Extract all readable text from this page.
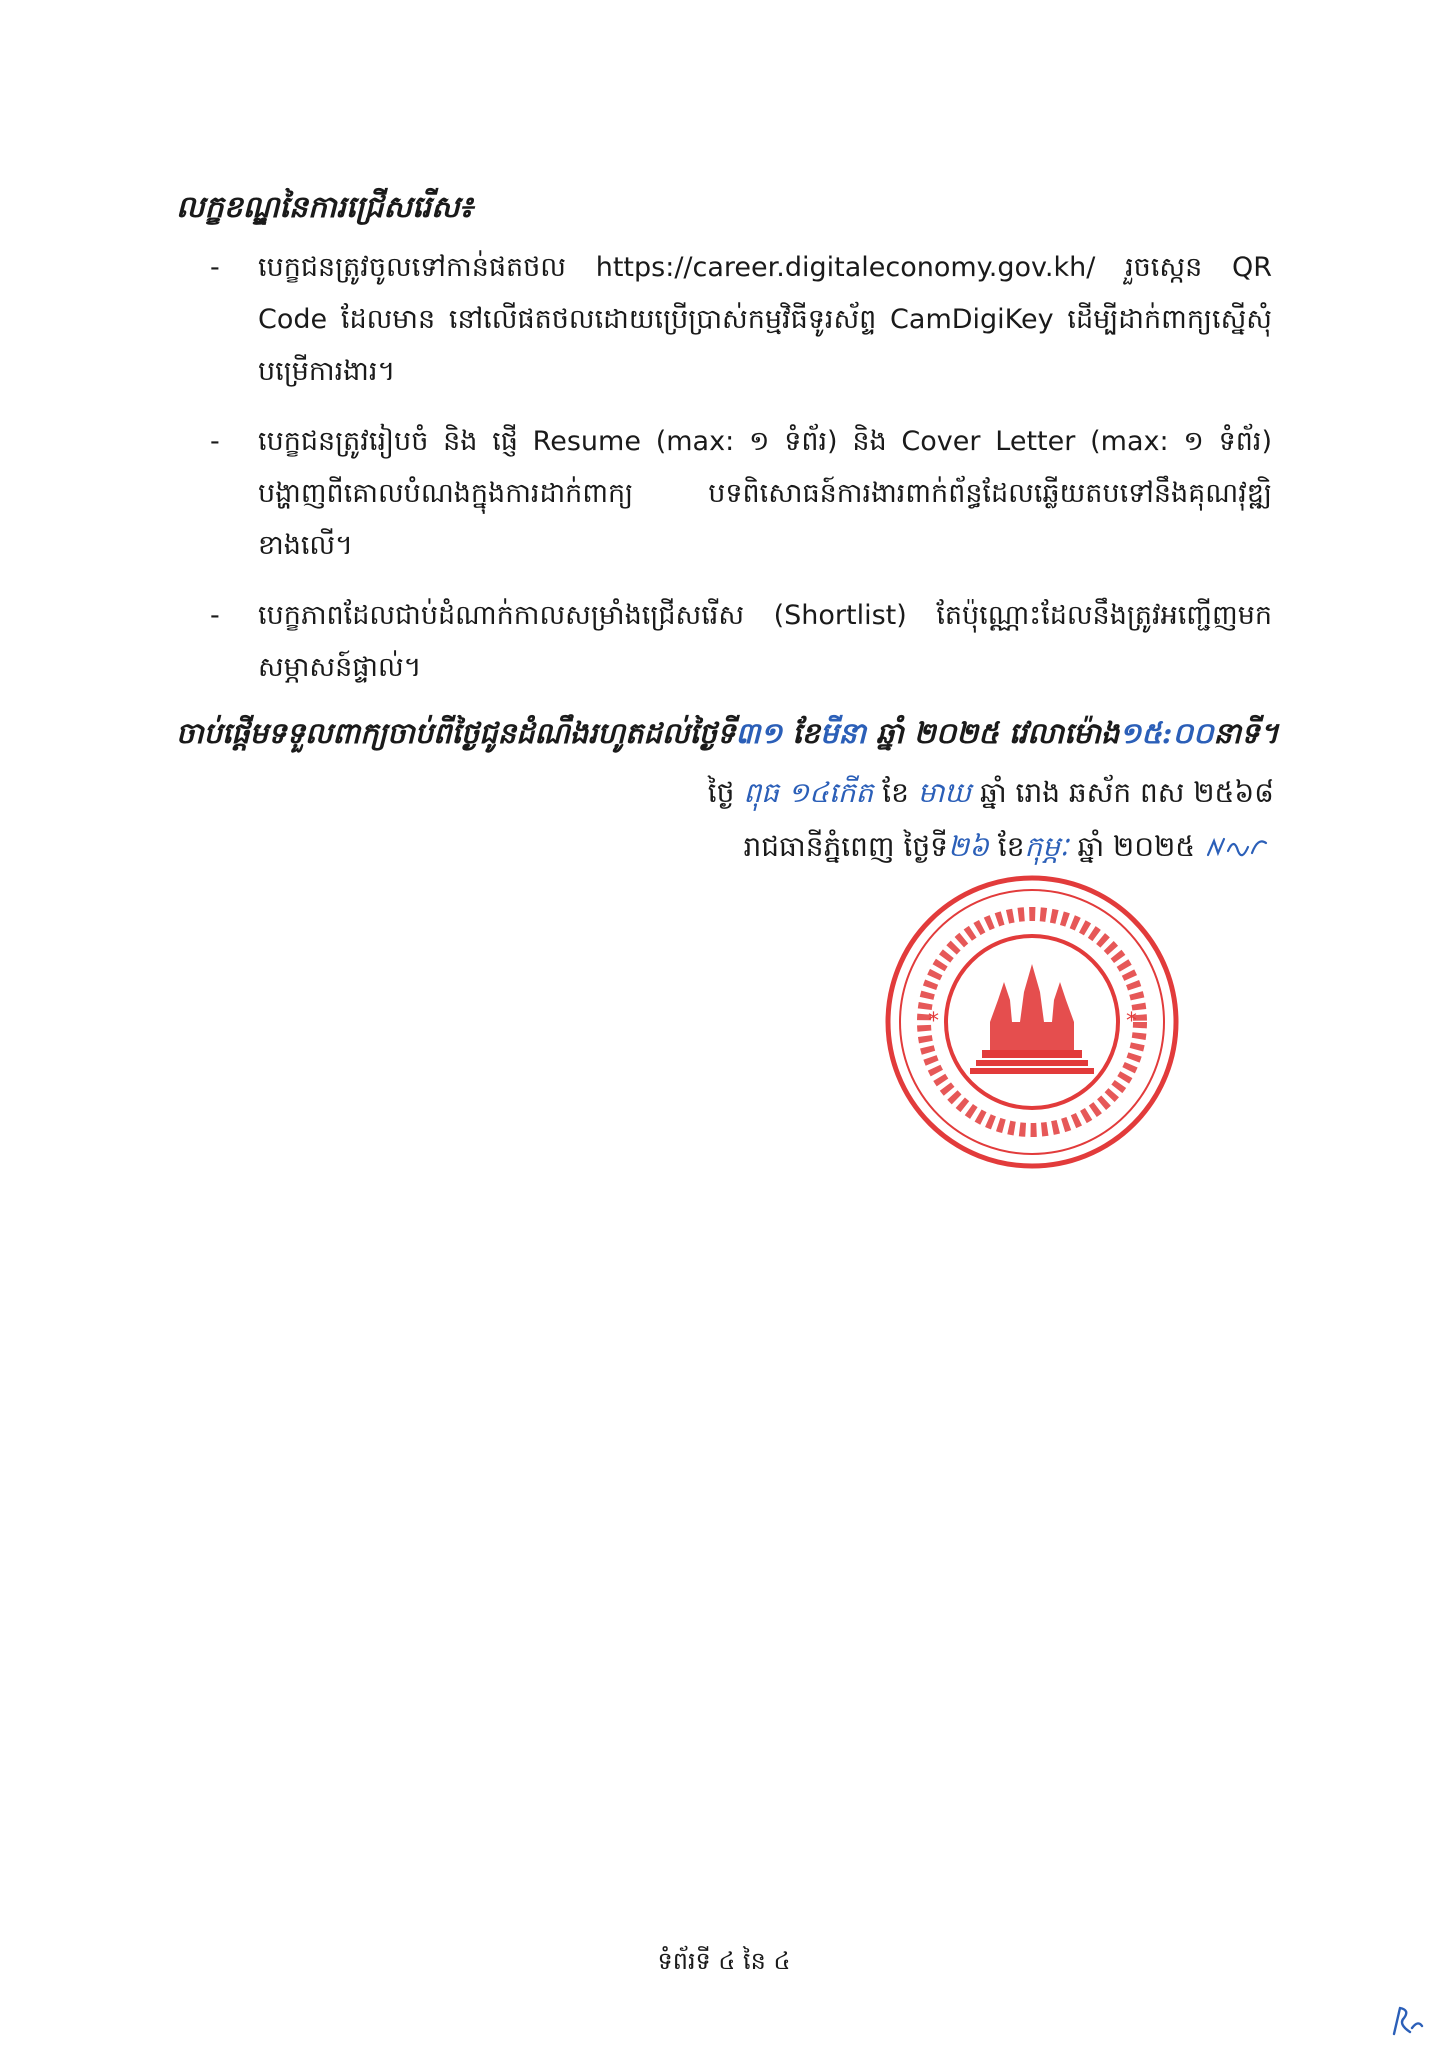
លក្ខខណ្ឌនៃការជ្រើសរើស៖
- បេក្ខជនត្រូវចូលទៅកាន់ផតថល https://career.digitaleconomy.gov.kh/ រួចស្កេន QR Code ដែលមាន នៅលើផតថលដោយប្រើប្រាស់កម្មវិធីទូរស័ព្ទ CamDigiKey ដើម្បីដាក់ពាក្យស្នើសុំបម្រើការងារ។
- បេក្ខជនត្រូវរៀបចំ និង ផ្ញើ Resume (max: ១ ទំព័រ) និង Cover Letter (max: ១ ទំព័រ) បង្ហាញពីគោលបំណងក្នុងការដាក់ពាក្យ បទពិសោធន៍ការងារពាក់ព័ន្ធដែលឆ្លើយតបទៅនឹងគុណវុឌ្ឍិខាងលើ។
- បេក្ខភាពដែលជាប់ដំណាក់កាលសម្រាំងជ្រើសរើស (Shortlist) តែប៉ុណ្ណោះដែលនឹងត្រូវអញ្ជើញមកសម្ភាសន៍ផ្ទាល់។
ចាប់ផ្ដើមទទួលពាក្យចាប់ពីថ្ងៃជូនដំណឹងរហូតដល់ថ្ងៃទី៣១ ខែមីនា ឆ្នាំ ២០២៥ វេលាម៉ោង១៥:០០នាទី។
ថ្ងៃ ពុធ ១៤កើត ខែ មាឃ ឆ្នាំ រោង ឆស័ក ពស ២៥៦៨
រាជធានីភ្នំពេញ ថ្ងៃទី២៦ ខែកុម្ភៈ ឆ្នាំ ២០២៥
*	*
ទំព័រទី ៤ នៃ ៤
